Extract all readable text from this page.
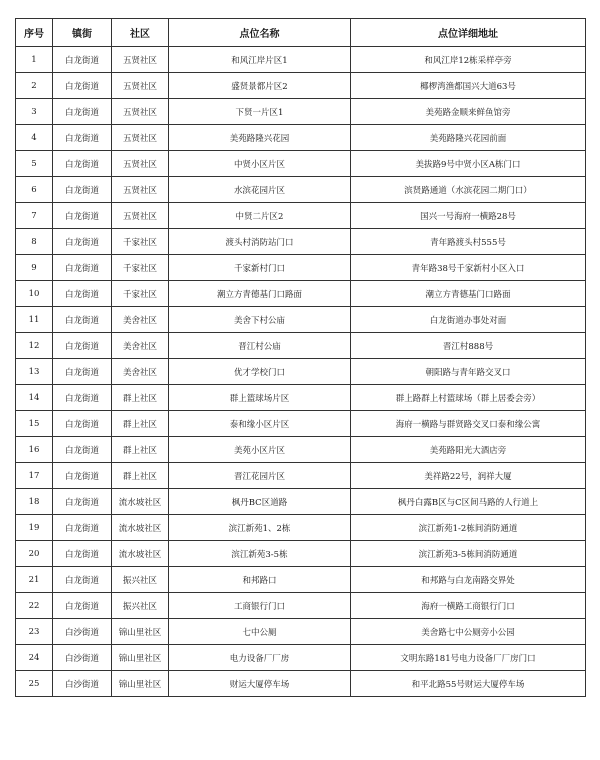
序号	镇街	社区	点位名称	点位详细地址
1	白龙街道	五贤社区	和风江岸片区1	和风江岸12栋采样亭旁
2	白龙街道	五贤社区	盛贤景都片区2	椰椤湾渔都国兴大道63号
3	白龙街道	五贤社区	下贤一片区1	美苑路金顺来鲜鱼馆旁
4	白龙街道	五贤社区	美苑路隆兴花园	美苑路隆兴花园前面
5	白龙街道	五贤社区	中贤小区片区	美拔路9号中贤小区A栋门口
6	白龙街道	五贤社区	水滨花园片区	滨贤路通道（水滨花园二期门口）
7	白龙街道	五贤社区	中贤二片区2	国兴一号海府一横路28号
8	白龙街道	千家社区	渡头村消防站门口	青年路渡头村555号
9	白龙街道	千家社区	千家新村门口	青年路38号千家新村小区入口
10	白龙街道	千家社区	潮立方青德基门口路面	潮立方青德基门口路面
11	白龙街道	美舍社区	美舍下村公庙	白龙街道办事处对面
12	白龙街道	美舍社区	晋江村公庙	晋江村888号
13	白龙街道	美舍社区	优才学校门口	朝阳路与青年路交叉口
14	白龙街道	群上社区	群上篮球场片区	群上路群上村篮球场（群上居委会旁）
15	白龙街道	群上社区	泰和缘小区片区	海府一横路与群贤路交叉口泰和缘公寓
16	白龙街道	群上社区	美苑小区片区	美苑路阳光大酒店旁
17	白龙街道	群上社区	晋江花园片区	美祥路22号，润祥大厦
18	白龙街道	流水坡社区	枫丹BC区道路	枫丹白露B区与C区间马路的人行道上
19	白龙街道	流水坡社区	滨江新苑1、2栋	滨江新苑1-2栋间消防通道
20	白龙街道	流水坡社区	滨江新苑3-5栋	滨江新苑3-5栋间消防通道
21	白龙街道	振兴社区	和邦路口	和邦路与白龙南路交界处
22	白龙街道	振兴社区	工商银行门口	海府一横路工商银行门口
23	白沙街道	锦山里社区	七中公厕	美舍路七中公厕旁小公园
24	白沙街道	锦山里社区	电力设备厂厂房	文明东路181号电力设备厂厂房门口
25	白沙街道	锦山里社区	财运大厦停车场	和平北路55号财运大厦停车场
